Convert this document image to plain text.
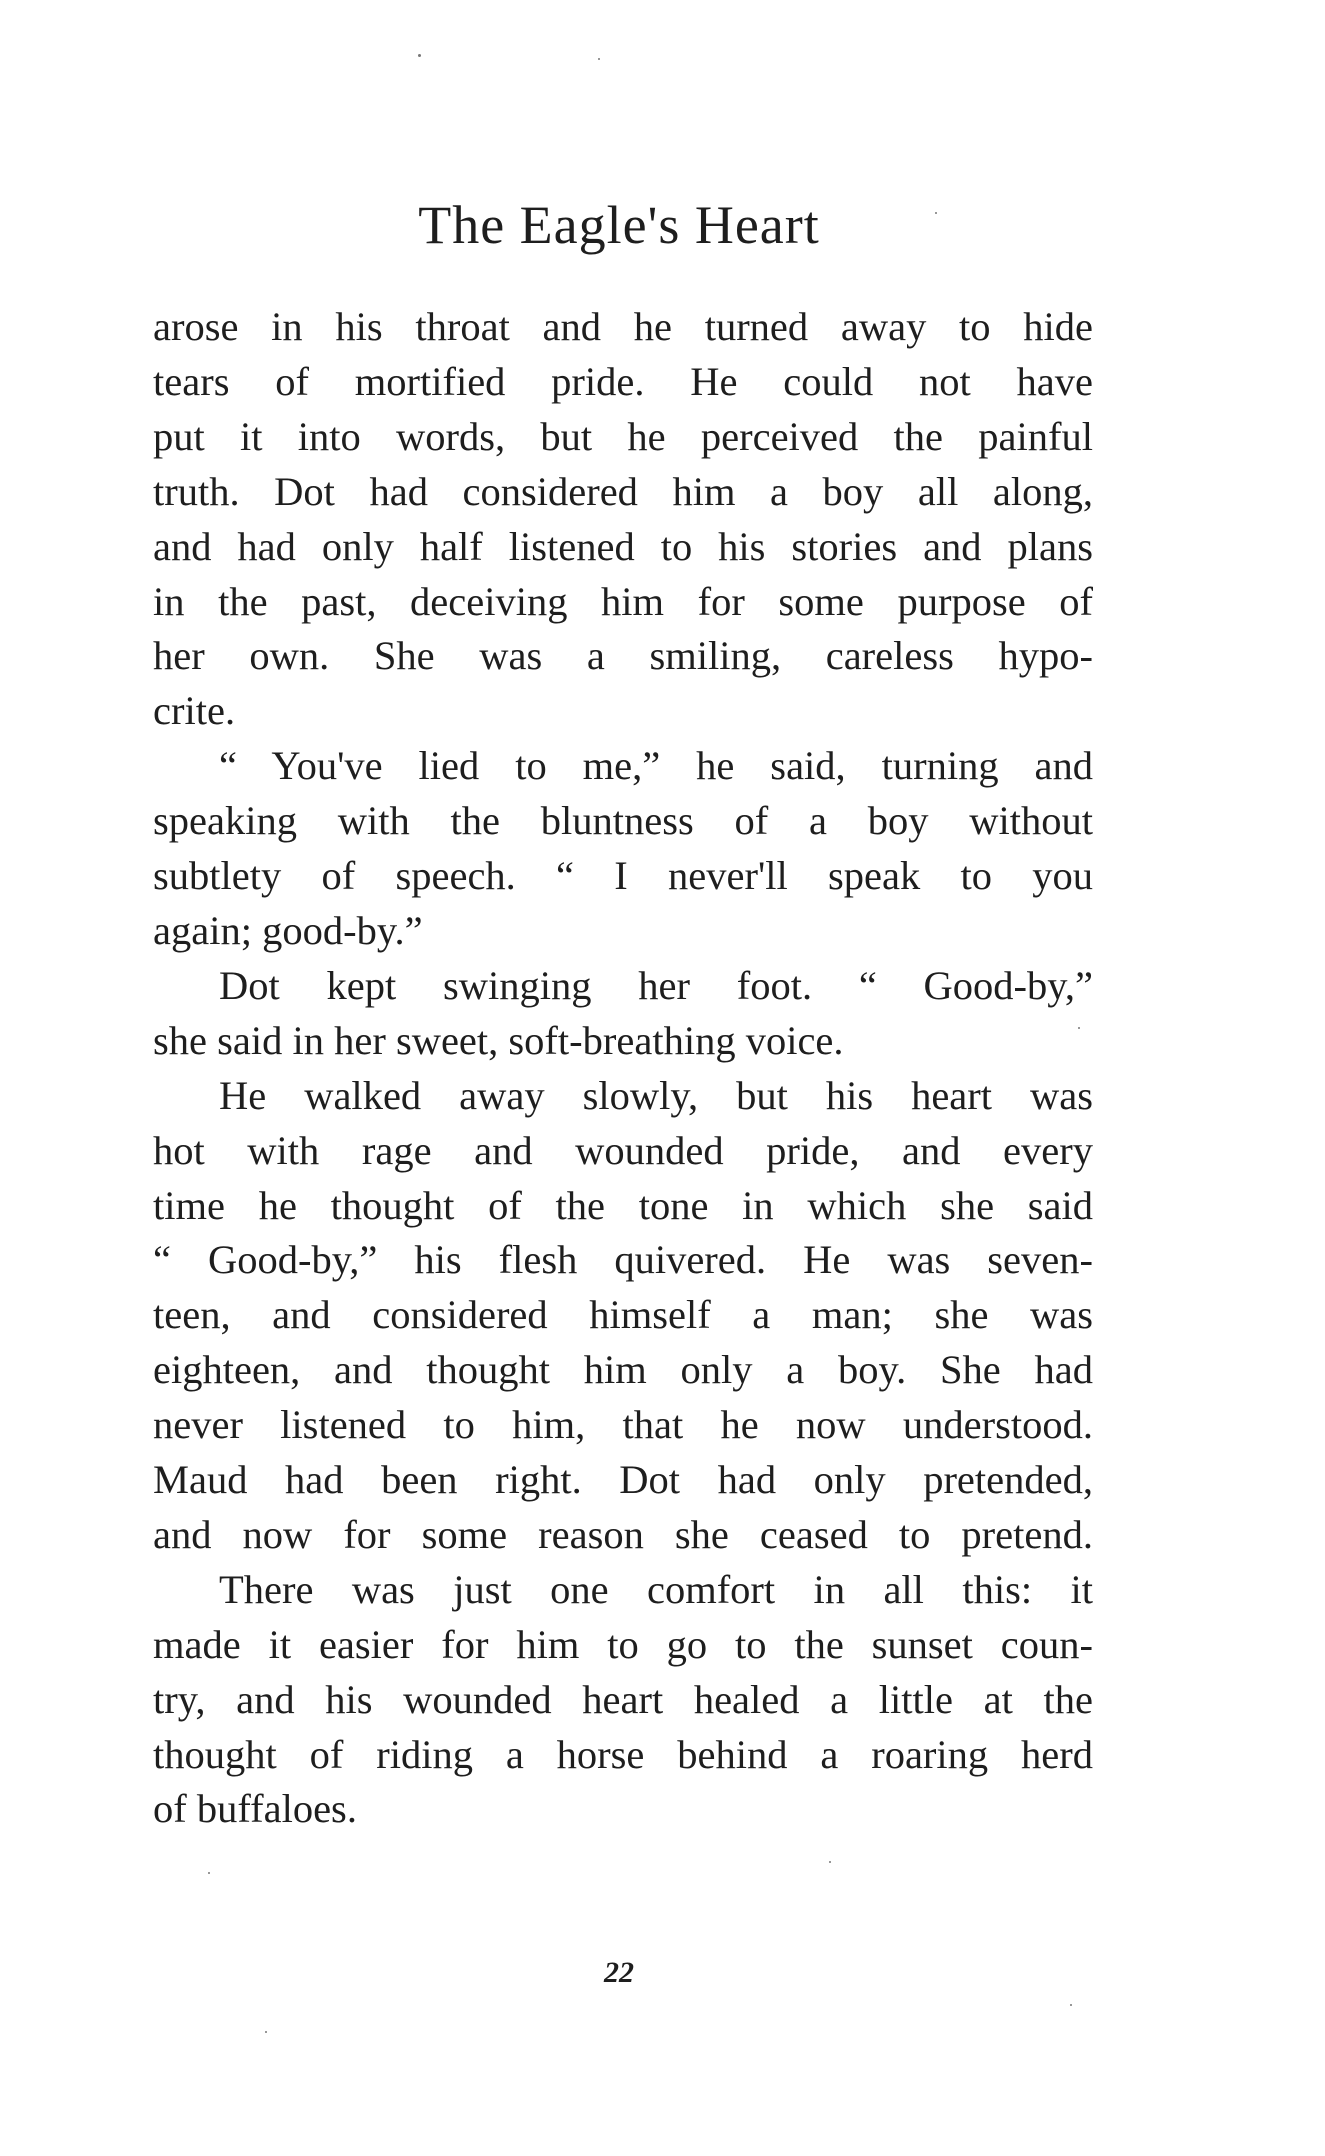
The Eagle's Heart

arose in his throat and he turned away to hide
tears of mortified pride. He could not have
put it into words, but he perceived the painful
truth. Dot had considered him a boy all along,
and had only half listened to his stories and plans
in the past, deceiving him for some purpose of
her own. She was a smiling, careless hypo-
crite.

“ You've lied to me,” he said, turning and
speaking with the bluntness of a boy without
subtlety of speech. “ I never'll speak to you
again; good-by.”

Dot kept swinging her foot. “ Good-by,”
she said in her sweet, soft-breathing voice.

He walked away slowly, but his heart was
hot with rage and wounded pride, and every
time he thought of the tone in which she said
“ Good-by,” his flesh quivered. He was seven-
teen, and considered himself a man; she was
eighteen, and thought him only a boy. She had
never listened to him, that he now understood.
Maud had been right. Dot had only pretended,
and now for some reason she ceased to pretend.

There was just one comfort in all this: it
made it easier for him to go to the sunset coun-
try, and his wounded heart healed a little at the
thought of riding a horse behind a roaring herd
of buffaloes.

22
